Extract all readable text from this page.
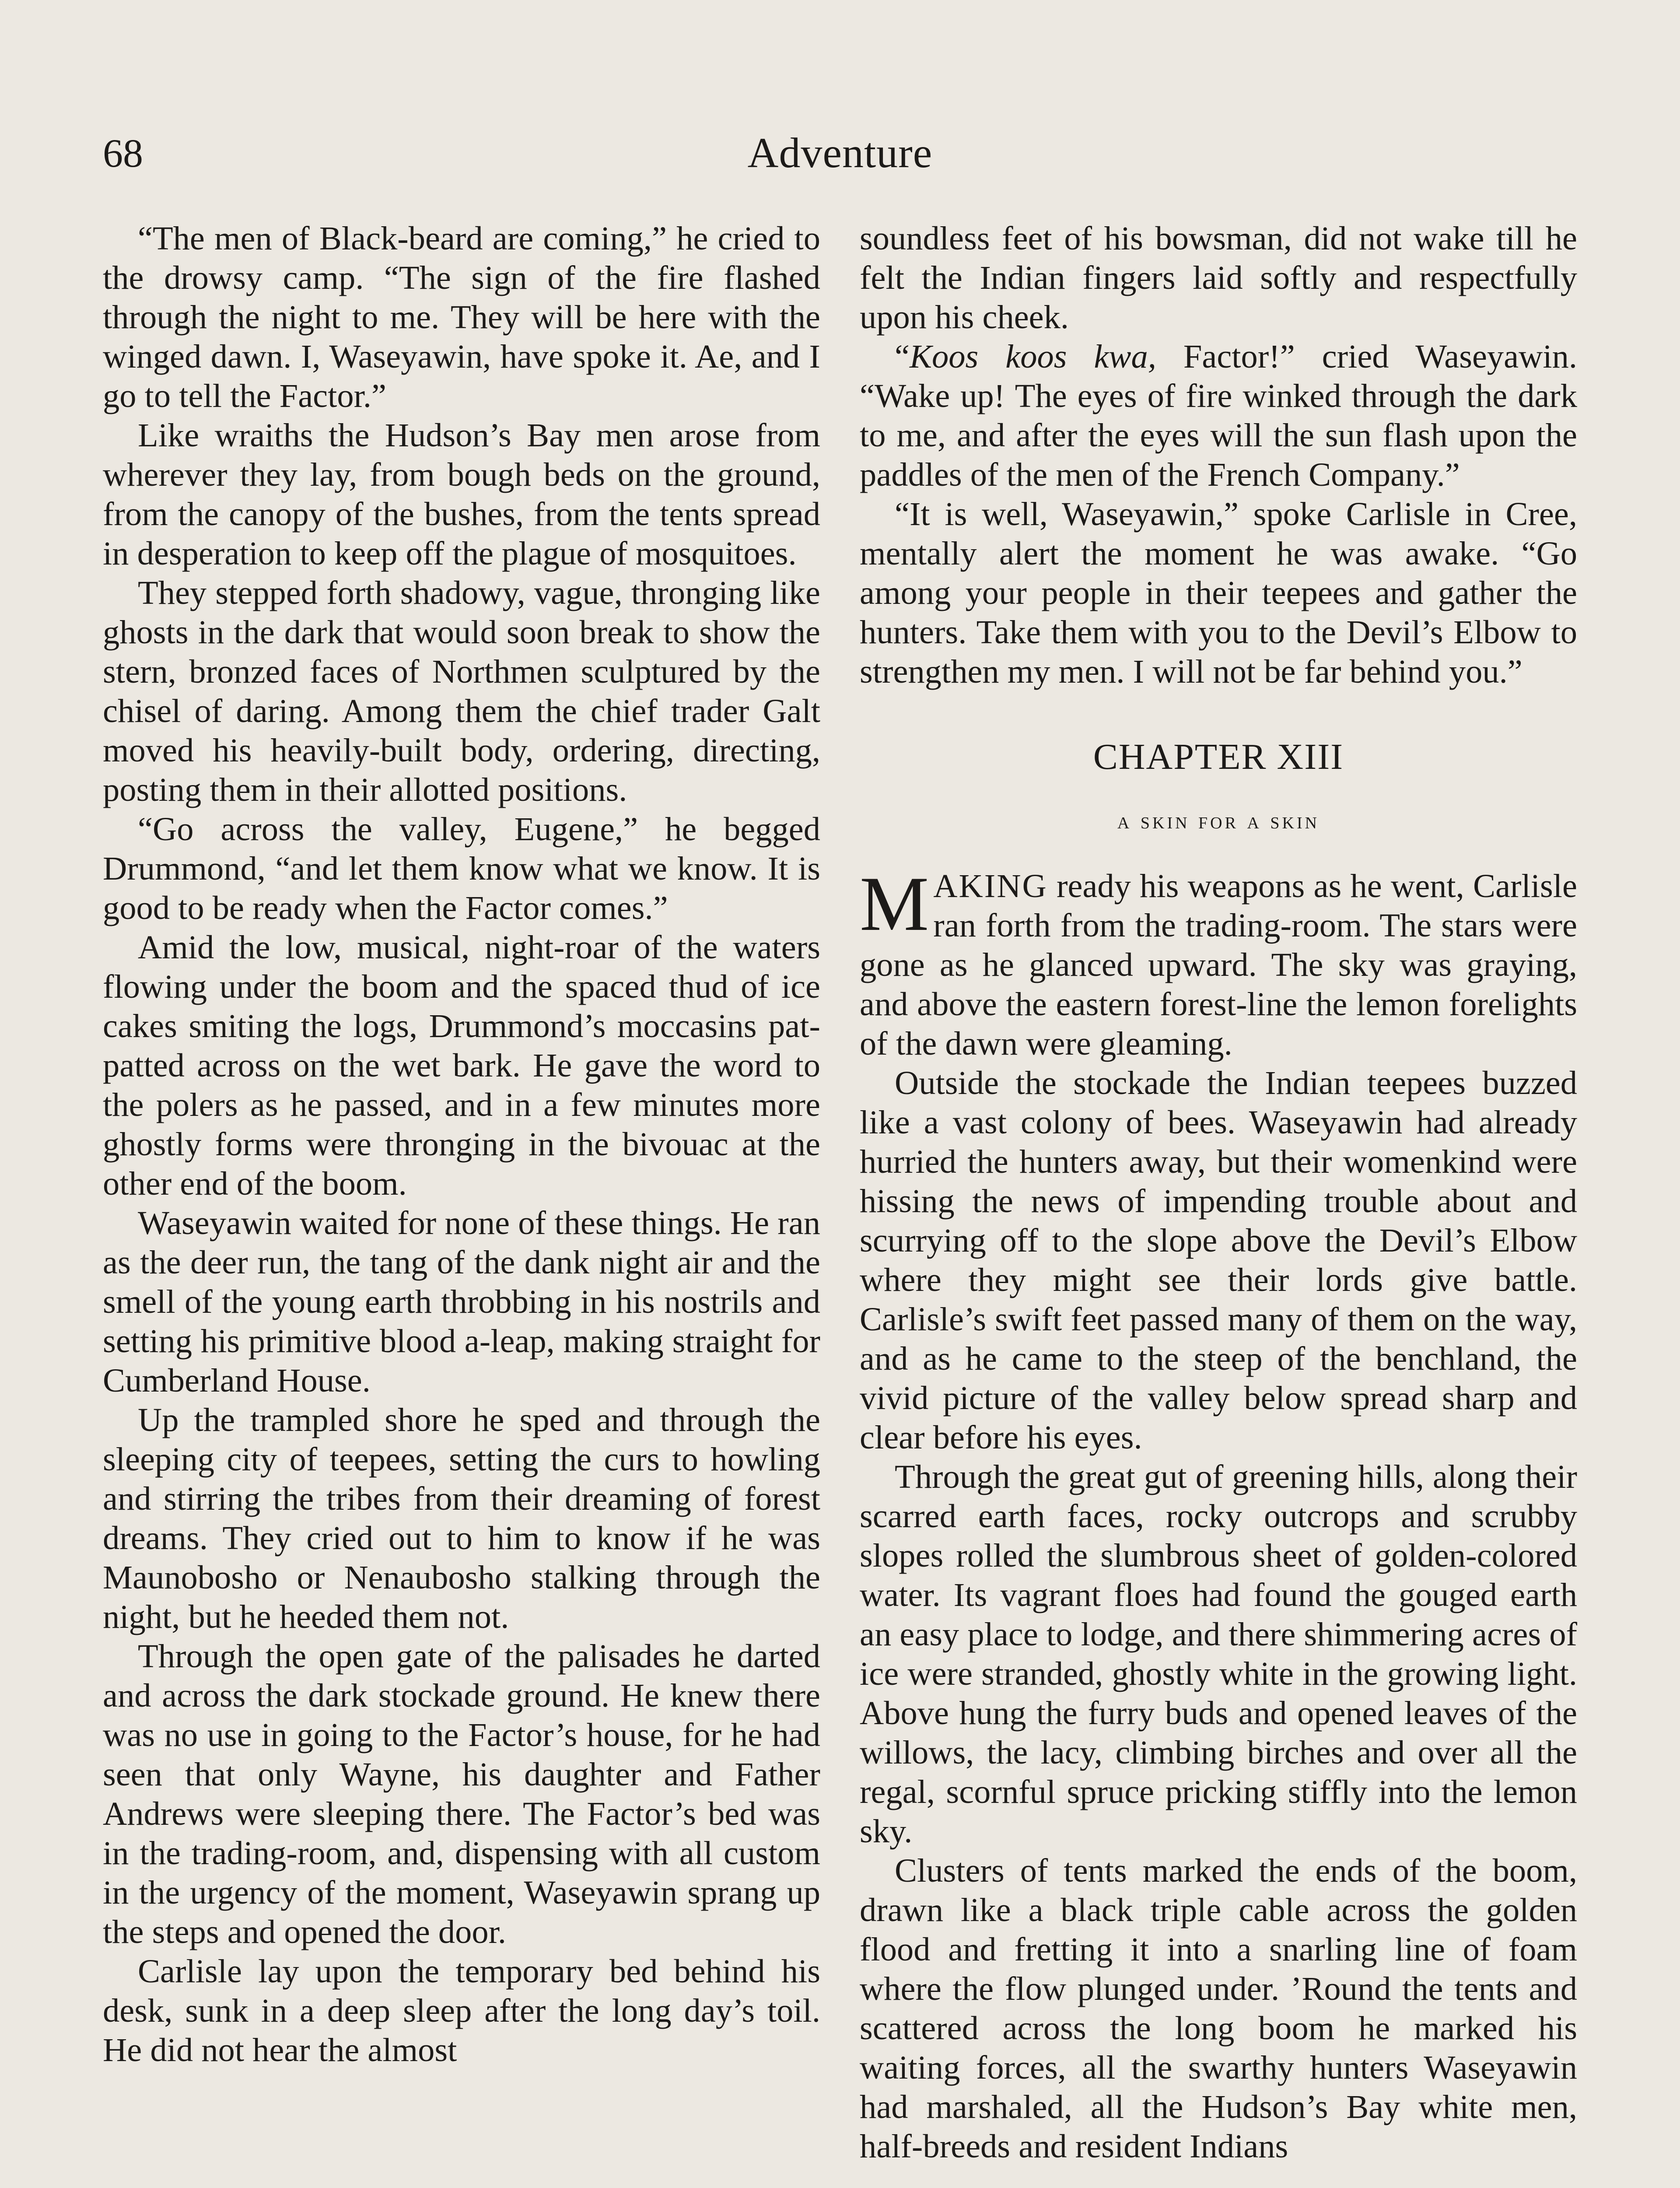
68	Adventure

“The men of Black-beard are coming,” he cried to the drowsy camp. “The sign of the fire flashed through the night to me. They will be here with the winged dawn. I, Waseyawin, have spoke it. Ae, and I go to tell the Factor.”

Like wraiths the Hudson’s Bay men arose from wherever they lay, from bough beds on the ground, from the canopy of the bushes, from the tents spread in desperation to keep off the plague of mosquitoes.

They stepped forth shadowy, vague, thronging like ghosts in the dark that would soon break to show the stern, bronzed faces of Northmen sculptured by the chisel of daring. Among them the chief trader Galt moved his heavily-built body, ordering, directing, posting them in their allotted positions.

“Go across the valley, Eugene,” he begged Drummond, “and let them know what we know. It is good to be ready when the Factor comes.”

Amid the low, musical, night-roar of the waters flowing under the boom and the spaced thud of ice cakes smiting the logs, Drummond’s moccasins pat-patted across on the wet bark. He gave the word to the polers as he passed, and in a few minutes more ghostly forms were thronging in the bivouac at the other end of the boom.

Waseyawin waited for none of these things. He ran as the deer run, the tang of the dank night air and the smell of the young earth throbbing in his nostrils and setting his primitive blood a-leap, making straight for Cumberland House.

Up the trampled shore he sped and through the sleeping city of teepees, setting the curs to howling and stirring the tribes from their dreaming of forest dreams. They cried out to him to know if he was Maunobosho or Nenaubosho stalking through the night, but he heeded them not.

Through the open gate of the palisades he darted and across the dark stockade ground. He knew there was no use in going to the Factor’s house, for he had seen that only Wayne, his daughter and Father Andrews were sleeping there. The Factor’s bed was in the trading-room, and, dispensing with all custom in the urgency of the moment, Waseyawin sprang up the steps and opened the door.

Carlisle lay upon the temporary bed behind his desk, sunk in a deep sleep after the long day’s toil. He did not hear the almost

soundless feet of his bowsman, did not wake till he felt the Indian fingers laid softly and respectfully upon his cheek.

“Koos koos kwa, Factor!” cried Waseyawin. “Wake up! The eyes of fire winked through the dark to me, and after the eyes will the sun flash upon the paddles of the men of the French Company.”

“It is well, Waseyawin,” spoke Carlisle in Cree, mentally alert the moment he was awake. “Go among your people in their teepees and gather the hunters. Take them with you to the Devil’s Elbow to strengthen my men. I will not be far behind you.”

CHAPTER XIII
a skin for a skin

MAKING ready his weapons as he went, Carlisle ran forth from the trading-room. The stars were gone as he glanced upward. The sky was graying, and above the eastern forest-line the lemon forelights of the dawn were gleaming.

Outside the stockade the Indian teepees buzzed like a vast colony of bees. Waseyawin had already hurried the hunters away, but their womenkind were hissing the news of impending trouble about and scurrying off to the slope above the Devil’s Elbow where they might see their lords give battle. Carlisle’s swift feet passed many of them on the way, and as he came to the steep of the benchland, the vivid picture of the valley below spread sharp and clear before his eyes.

Through the great gut of greening hills, along their scarred earth faces, rocky outcrops and scrubby slopes rolled the slumbrous sheet of golden-colored water. Its vagrant floes had found the gouged earth an easy place to lodge, and there shimmering acres of ice were stranded, ghostly white in the growing light. Above hung the furry buds and opened leaves of the willows, the lacy, climbing birches and over all the regal, scornful spruce pricking stiffly into the lemon sky.

Clusters of tents marked the ends of the boom, drawn like a black triple cable across the golden flood and fretting it into a snarling line of foam where the flow plunged under. ’Round the tents and scattered across the long boom he marked his waiting forces, all the swarthy hunters Waseyawin had marshaled, all the Hudson’s Bay white men, half-breeds and resident Indians
